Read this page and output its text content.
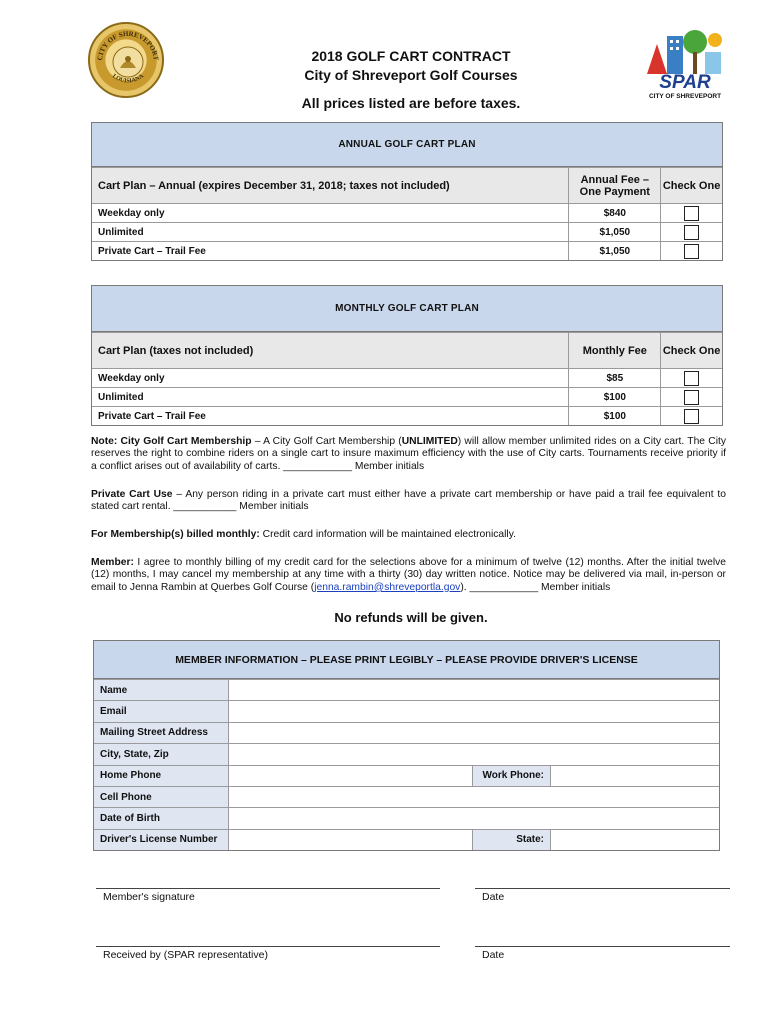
CITY OF SHREVEPORT
LOUISIANA
2018 GOLF CART CONTRACT
City of Shreveport Golf Courses
All prices listed are before taxes.
SPAR
CITY OF SHREVEPORT
ANNUAL GOLF CART PLAN
Cart Plan – Annual (expires December 31, 2018; taxes not included)	Annual Fee – One Payment	Check One
Weekday only	$840
Unlimited	$1,050
Private Cart – Trail Fee	$1,050
MONTHLY GOLF CART PLAN
Cart Plan (taxes not included)	Monthly Fee	Check One
Weekday only	$85
Unlimited	$100
Private Cart – Trail Fee	$100
Note: City Golf Cart Membership – A City Golf Cart Membership (UNLIMITED) will allow member unlimited rides on a City cart. The City reserves the right to combine riders on a single cart to insure maximum efficiency with the use of City carts. Tournaments receive priority if a conflict arises out of availability of carts. ____________ Member initials
Private Cart Use – Any person riding in a private cart must either have a private cart membership or have paid a trail fee equivalent to stated cart rental. ___________ Member initials
For Membership(s) billed monthly: Credit card information will be maintained electronically.
Member: I agree to monthly billing of my credit card for the selections above for a minimum of twelve (12) months. After the initial twelve (12) months, I may cancel my membership at any time with a thirty (30) day written notice. Notice may be delivered via mail, in-person or email to Jenna Rambin at Querbes Golf Course (jenna.rambin@shreveportla.gov). ____________ Member initials
No refunds will be given.
MEMBER INFORMATION – PLEASE PRINT LEGIBLY – PLEASE PROVIDE DRIVER'S LICENSE
Name
Email
Mailing Street Address
City, State, Zip
Home Phone	Work Phone:
Cell Phone
Date of Birth
Driver's License Number	State:
Member's signature	Date
Received by (SPAR representative)	Date
